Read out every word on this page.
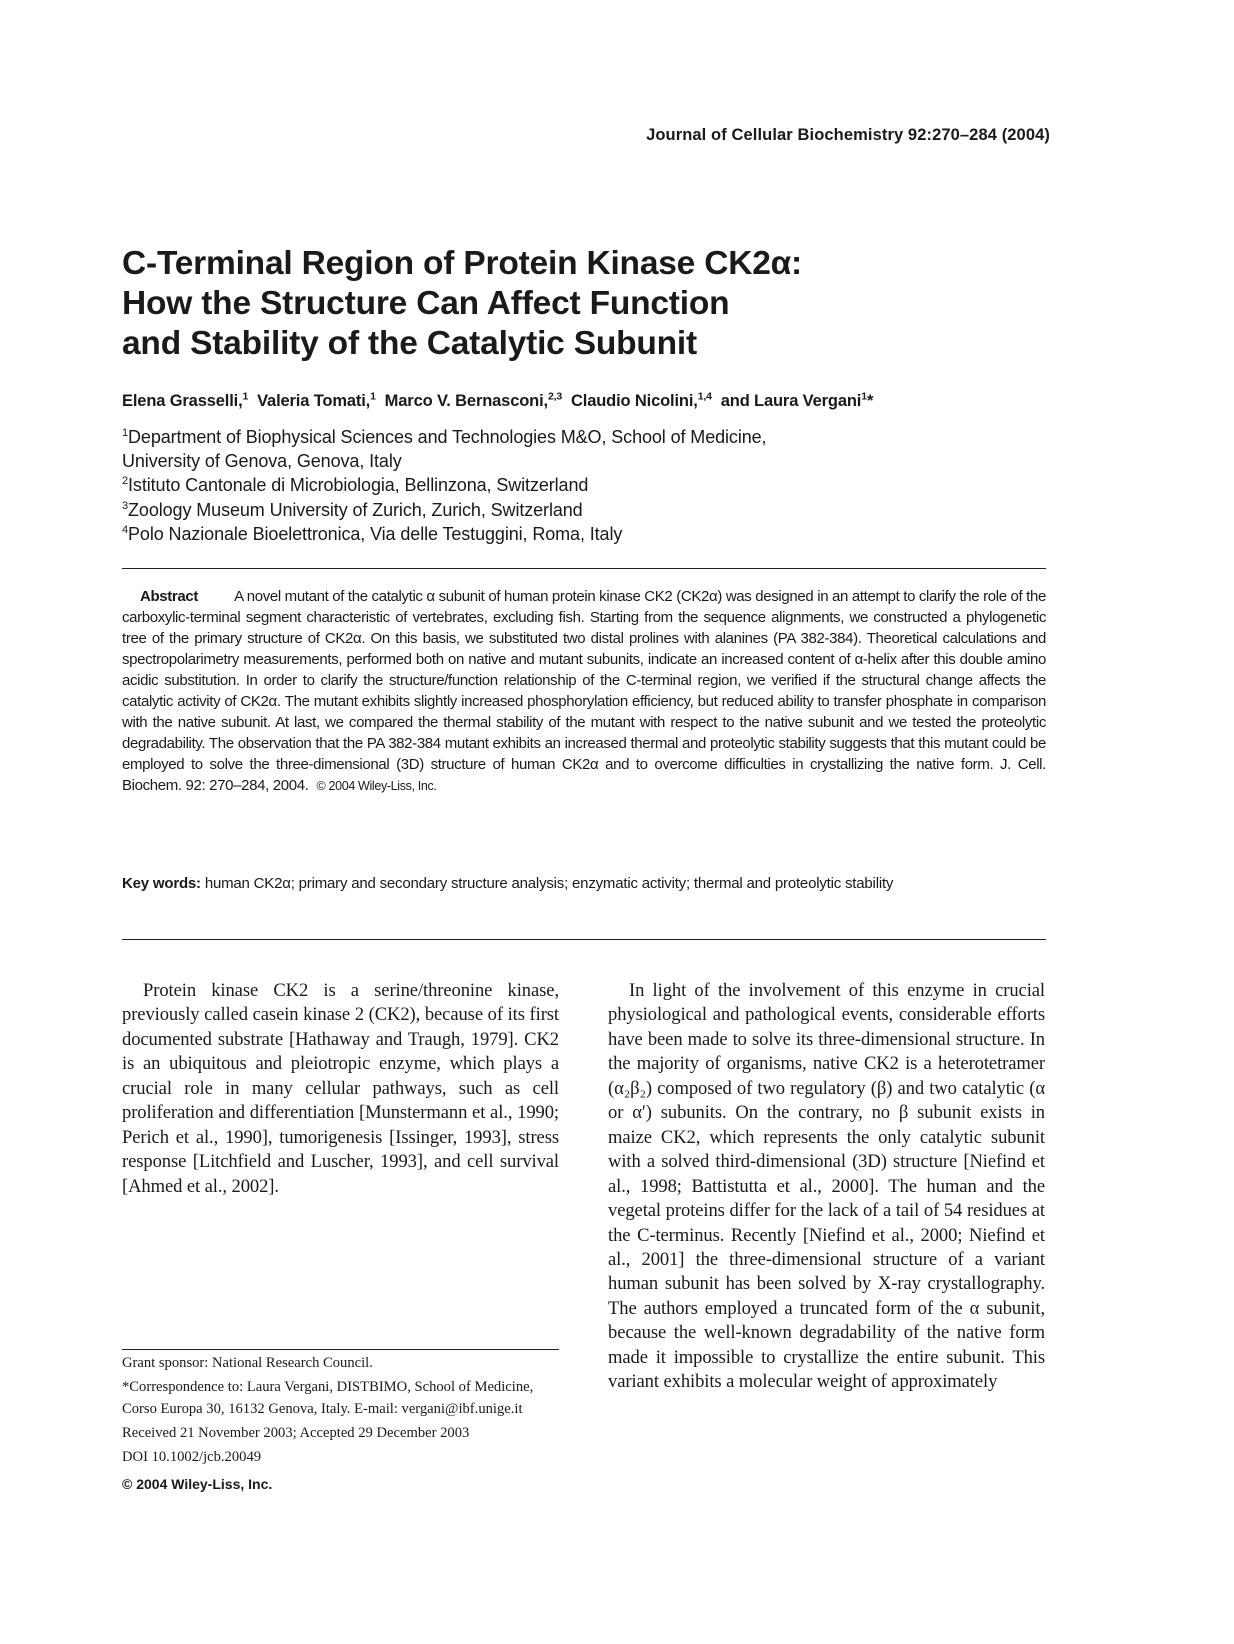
Journal of Cellular Biochemistry 92:270–284 (2004)
C-Terminal Region of Protein Kinase CK2α:
How the Structure Can Affect Function
and Stability of the Catalytic Subunit
Elena Grasselli,$^1$ Valeria Tomati,$^1$ Marco V. Bernasconi,$^{2,3}$ Claudio Nicolini,$^{1,4}$ and Laura Vergani$^1$*
$^1$Department of Biophysical Sciences and Technologies M&O, School of Medicine,
University of Genova, Genova, Italy
$^2$Istituto Cantonale di Microbiologia, Bellinzona, Switzerland
$^3$Zoology Museum University of Zurich, Zurich, Switzerland
$^4$Polo Nazionale Bioelettronica, Via delle Testuggini, Roma, Italy
Abstract A novel mutant of the catalytic α subunit of human protein kinase CK2 (CK2α) was designed in an attempt to clarify the role of the carboxylic-terminal segment characteristic of vertebrates, excluding fish. Starting from the sequence alignments, we constructed a phylogenetic tree of the primary structure of CK2α. On this basis, we substituted two distal prolines with alanines (PA 382-384). Theoretical calculations and spectropolarimetry measurements, performed both on native and mutant subunits, indicate an increased content of α-helix after this double amino acidic substitution. In order to clarify the structure/function relationship of the C-terminal region, we verified if the structural change affects the catalytic activity of CK2α. The mutant exhibits slightly increased phosphorylation efficiency, but reduced ability to transfer phosphate in comparison with the native subunit. At last, we compared the thermal stability of the mutant with respect to the native subunit and we tested the proteolytic degradability. The observation that the PA 382-384 mutant exhibits an increased thermal and proteolytic stability suggests that this mutant could be employed to solve the three-dimensional (3D) structure of human CK2α and to overcome difficulties in crystallizing the native form. J. Cell. Biochem. 92: 270–284, 2004. © 2004 Wiley-Liss, Inc.
Key words: human CK2α; primary and secondary structure analysis; enzymatic activity; thermal and proteolytic stability

Protein kinase CK2 is a serine/threonine kinase, previously called casein kinase 2 (CK2), because of its first documented substrate [Hathaway and Traugh, 1979]. CK2 is an ubiquitous and pleiotropic enzyme, which plays a crucial role in many cellular pathways, such as cell proliferation and differentiation [Munstermann et al., 1990; Perich et al., 1990], tumorigenesis [Issinger, 1993], stress response [Litchfield and Luscher, 1993], and cell survival [Ahmed et al., 2002].

In light of the involvement of this enzyme in crucial physiological and pathological events, considerable efforts have been made to solve its three-dimensional structure. In the majority of organisms, native CK2 is a heterotetramer (α₂β₂) composed of two regulatory (β) and two catalytic (α or α′) subunits. On the contrary, no β subunit exists in maize CK2, which represents the only catalytic subunit with a solved third-dimensional (3D) structure [Niefind et al., 1998; Battistutta et al., 2000]. The human and the vegetal proteins differ for the lack of a tail of 54 residues at the C-terminus. Recently [Niefind et al., 2000; Niefind et al., 2001] the three-dimensional structure of a variant human subunit has been solved by X-ray crystallography. The authors employed a truncated form of the α subunit, because the well-known degradability of the native form made it impossible to crystallize the entire subunit. This variant exhibits a molecular weight of approximately

Grant sponsor: National Research Council.

*Correspondence to: Laura Vergani, DISTBIMO, School of Medicine, Corso Europa 30, 16132 Genova, Italy. E-mail: vergani@ibf.unige.it

Received 21 November 2003; Accepted 29 December 2003

DOI 10.1002/jcb.20049

© 2004 Wiley-Liss, Inc.
